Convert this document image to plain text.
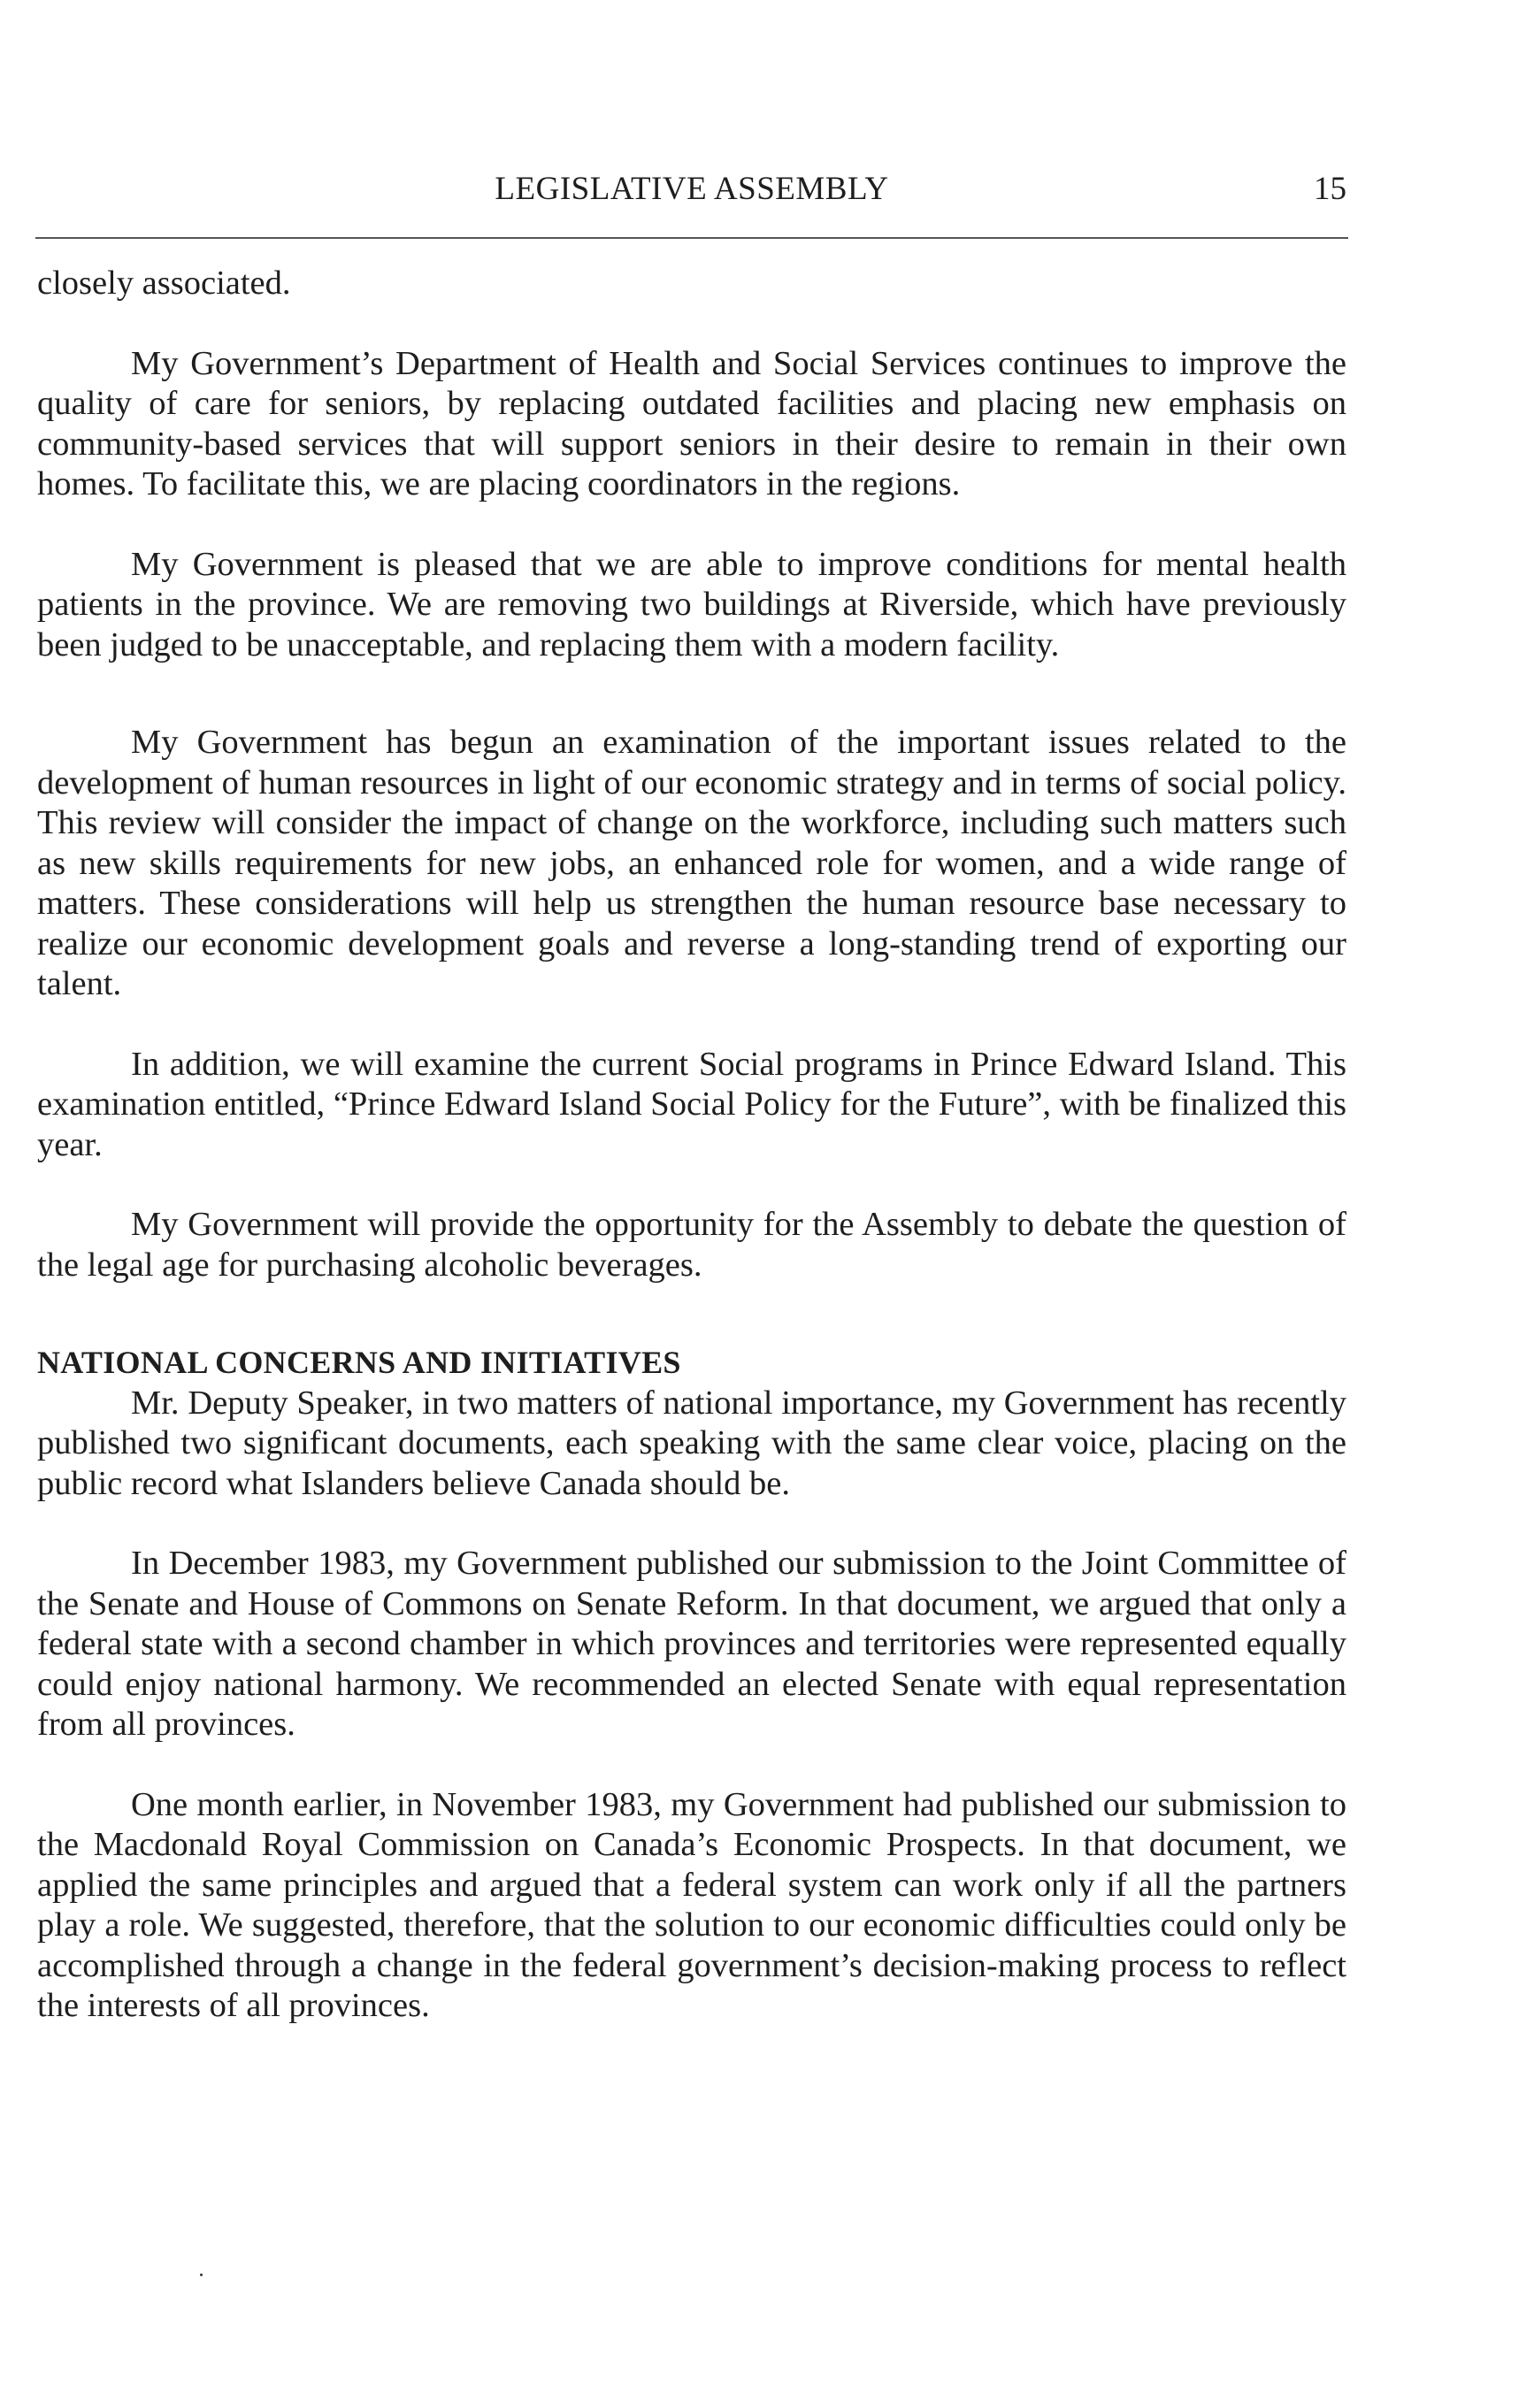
LEGISLATIVE ASSEMBLY	15

closely associated.

My Government’s Department of Health and Social Services continues to improve the quality of care for seniors, by replacing outdated facilities and placing new emphasis on community-based services that will support seniors in their desire to remain in their own homes. To facilitate this, we are placing coordinators in the regions.

My Government is pleased that we are able to improve conditions for mental health patients in the province. We are removing two buildings at Riverside, which have previously been judged to be unacceptable, and replacing them with a modern facility.

My Government has begun an examination of the important issues related to the development of human resources in light of our economic strategy and in terms of social policy. This review will consider the impact of change on the workforce, including such matters such as new skills requirements for new jobs, an enhanced role for women, and a wide range of matters. These considerations will help us strengthen the human resource base necessary to realize our economic development goals and reverse a long-standing trend of exporting our talent.

In addition, we will examine the current Social programs in Prince Edward Island. This examination entitled, “Prince Edward Island Social Policy for the Future”, with be finalized this year.

My Government will provide the opportunity for the Assembly to debate the question of the legal age for purchasing alcoholic beverages.

NATIONAL CONCERNS AND INITIATIVES

Mr. Deputy Speaker, in two matters of national importance, my Government has recently published two significant documents, each speaking with the same clear voice, placing on the public record what Islanders believe Canada should be.

In December 1983, my Government published our submission to the Joint Committee of the Senate and House of Commons on Senate Reform. In that document, we argued that only a federal state with a second chamber in which provinces and territories were represented equally could enjoy national harmony. We recommended an elected Senate with equal representation from all provinces.

One month earlier, in November 1983, my Government had published our submission to the Macdonald Royal Commission on Canada’s Economic Prospects. In that document, we applied the same principles and argued that a federal system can work only if all the partners play a role. We suggested, therefore, that the solution to our economic difficulties could only be accomplished through a change in the federal government’s decision-making process to reflect the interests of all provinces.
